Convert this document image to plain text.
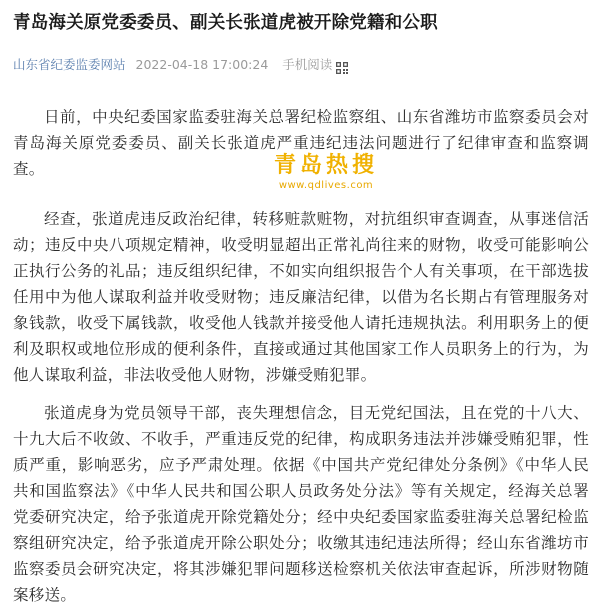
青岛海关原党委委员、副关长张道虎被开除党籍和公职
山东省纪委监委网站 2022-04-18 17:00:24 手机阅读

日前，中央纪委国家监委驻海关总署纪检监察组、山东省潍坊市监察委员会对青岛海关原党委委员、副关长张道虎严重违纪违法问题进行了纪律审查和监察调查。

经查，张道虎违反政治纪律，转移赃款赃物，对抗组织审查调查，从事迷信活动；违反中央八项规定精神，收受明显超出正常礼尚往来的财物，收受可能影响公正执行公务的礼品；违反组织纪律，不如实向组织报告个人有关事项，在干部选拔任用中为他人谋取利益并收受财物；违反廉洁纪律，以借为名长期占有管理服务对象钱款，收受下属钱款，收受他人钱款并接受他人请托违规执法。利用职务上的便利及职权或地位形成的便利条件，直接或通过其他国家工作人员职务上的行为，为他人谋取利益，非法收受他人财物，涉嫌受贿犯罪。

张道虎身为党员领导干部，丧失理想信念，目无党纪国法，且在党的十八大、十九大后不收敛、不收手，严重违反党的纪律，构成职务违法并涉嫌受贿犯罪，性质严重，影响恶劣，应予严肃处理。依据《中国共产党纪律处分条例》《中华人民共和国监察法》《中华人民共和国公职人员政务处分法》等有关规定，经海关总署党委研究决定，给予张道虎开除党籍处分；经中央纪委国家监委驻海关总署纪检监察组研究决定，给予张道虎开除公职处分；收缴其违纪违法所得；经山东省潍坊市监察委员会研究决定，将其涉嫌犯罪问题移送检察机关依法审查起诉，所涉财物随案移送。

青岛热搜
www.qdlives.com
